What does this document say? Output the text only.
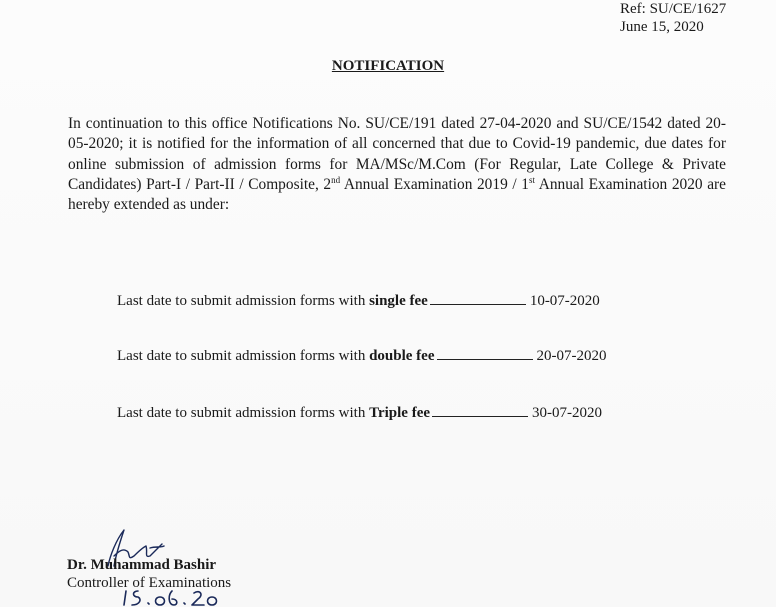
Ref: SU/CE/1627
June 15, 2020
NOTIFICATION
In continuation to this office Notifications No. SU/CE/191 dated 27-04-2020 and SU/CE/1542 dated 20-05-2020; it is notified for the information of all concerned that due to Covid-19 pandemic, due dates for online submission of admission forms for MA/MSc/M.Com (For Regular, Late College & Private Candidates) Part-I / Part-II / Composite, 2nd Annual Examination 2019 / 1st Annual Examination 2020 are hereby extended as under:
Last date to submit admission forms with single fee	10-07-2020
Last date to submit admission forms with double fee	20-07-2020
Last date to submit admission forms with Triple fee	30-07-2020
Dr. Muhammad Bashir
Controller of Examinations
